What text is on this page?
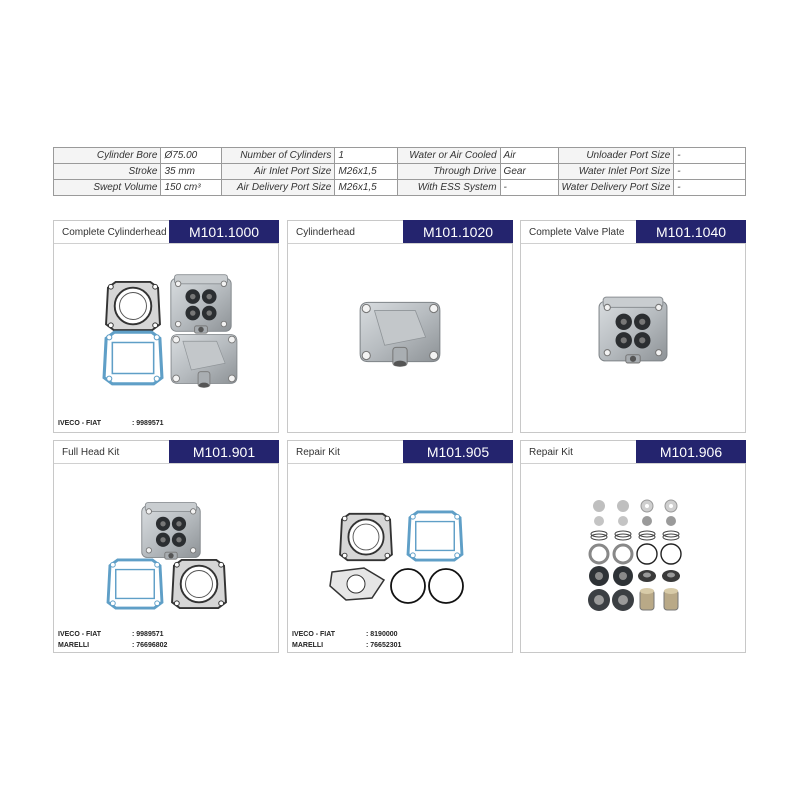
Cylinder Bore	Ø75.00	Number of Cylinders	1	Water or Air Cooled	Air	Unloader Port Size	-
Stroke	35 mm	Air Inlet Port Size	M26x1,5	Through Drive	Gear	Water Inlet Port Size	-
Swept Volume	150 cm³	Air Delivery Port Size	M26x1,5	With ESS System	-	Water Delivery Port Size	-
Complete Cylinderhead	M101.1000
IVECO - FIAT	: 9989571
Cylinderhead	M101.1020	Complete Valve Plate	M101.1040
Full Head Kit	M101.901
IVECO - FIAT	: 9989571
MARELLI	: 76696802
Repair Kit	M101.905
IVECO - FIAT	: 8190000
MARELLI	: 76652301
Repair Kit	M101.906
